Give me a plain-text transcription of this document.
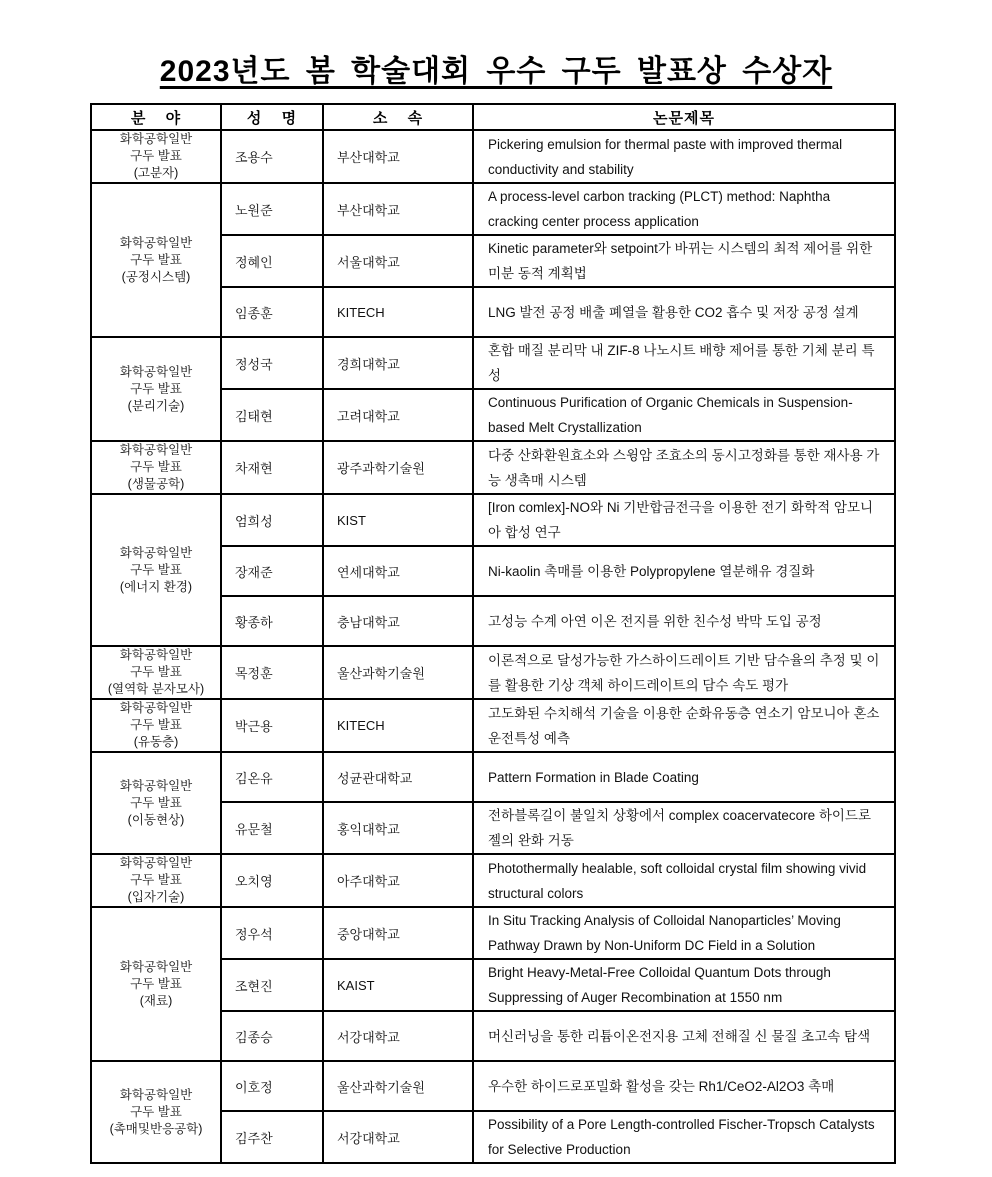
2023년도 봄 학술대회 우수 구두 발표상 수상자
분 야	성 명	소 속	논문제목

화학공학일반
구두 발표
(고분자)	조용수	부산대학교	Pickering emulsion for thermal paste with improved thermal conductivity and stability

화학공학일반
구두 발표
(공정시스템)	노원준	부산대학교	A process-level carbon tracking (PLCT) method: Naphtha cracking center process application
	정혜인	서울대학교	Kinetic parameter와 setpoint가 바뀌는 시스템의 최적 제어를 위한 미분 동적 계획법
	임종훈	KITECH	LNG 발전 공정 배출 폐열을 활용한 CO2 흡수 및 저장 공정 설계

화학공학일반
구두 발표
(분리기술)	정성국	경희대학교	혼합 매질 분리막 내 ZIF-8 나노시트 배향 제어를 통한 기체 분리 특성
	김태현	고려대학교	Continuous Purification of Organic Chemicals in Suspension-based Melt Crystallization

화학공학일반
구두 발표
(생물공학)	차재현	광주과학기술원	다중 산화환원효소와 스윙암 조효소의 동시고정화를 통한 재사용 가능 생촉매 시스템

화학공학일반
구두 발표
(에너지 환경)	엄희성	KIST	[Iron comlex]-NO와 Ni 기반합금전극을 이용한 전기 화학적 암모니아 합성 연구
	장재준	연세대학교	Ni-kaolin 촉매를 이용한 Polypropylene 열분해유 경질화
	황종하	충남대학교	고성능 수계 아연 이온 전지를 위한 친수성 박막 도입 공정

화학공학일반
구두 발표
(열역학 분자모사)	목정훈	울산과학기술원	이론적으로 달성가능한 가스하이드레이트 기반 담수율의 추정 및 이를 활용한 기상 객체 하이드레이트의 담수 속도 평가

화학공학일반
구두 발표
(유동층)	박근용	KITECH	고도화된 수치해석 기술을 이용한 순화유동층 연소기 암모니아 혼소 운전특성 예측

화학공학일반
구두 발표
(이동현상)	김온유	성균관대학교	Pattern Formation in Blade Coating
	유문철	홍익대학교	전하블록길이 불일치 상황에서 complex coacervatecore 하이드로젤의 완화 거동

화학공학일반
구두 발표
(입자기술)	오치영	아주대학교	Photothermally healable, soft colloidal crystal film showing vivid structural colors

화학공학일반
구두 발표
(재료)	정우석	중앙대학교	In Situ Tracking Analysis of Colloidal Nanoparticles’ Moving Pathway Drawn by Non-Uniform DC Field in a Solution
	조현진	KAIST	Bright Heavy-Metal-Free Colloidal Quantum Dots through Suppressing of Auger Recombination at 1550 nm
	김종승	서강대학교	머신러닝을 통한 리튬이온전지용 고체 전해질 신 물질 초고속 탐색

화학공학일반
구두 발표
(촉매및반응공학)	이호정	울산과학기술원	우수한 하이드로포밀화 활성을 갖는 Rh1/CeO2-Al2O3 촉매
	김주찬	서강대학교	Possibility of a Pore Length-controlled Fischer-Tropsch Catalysts for Selective Production
